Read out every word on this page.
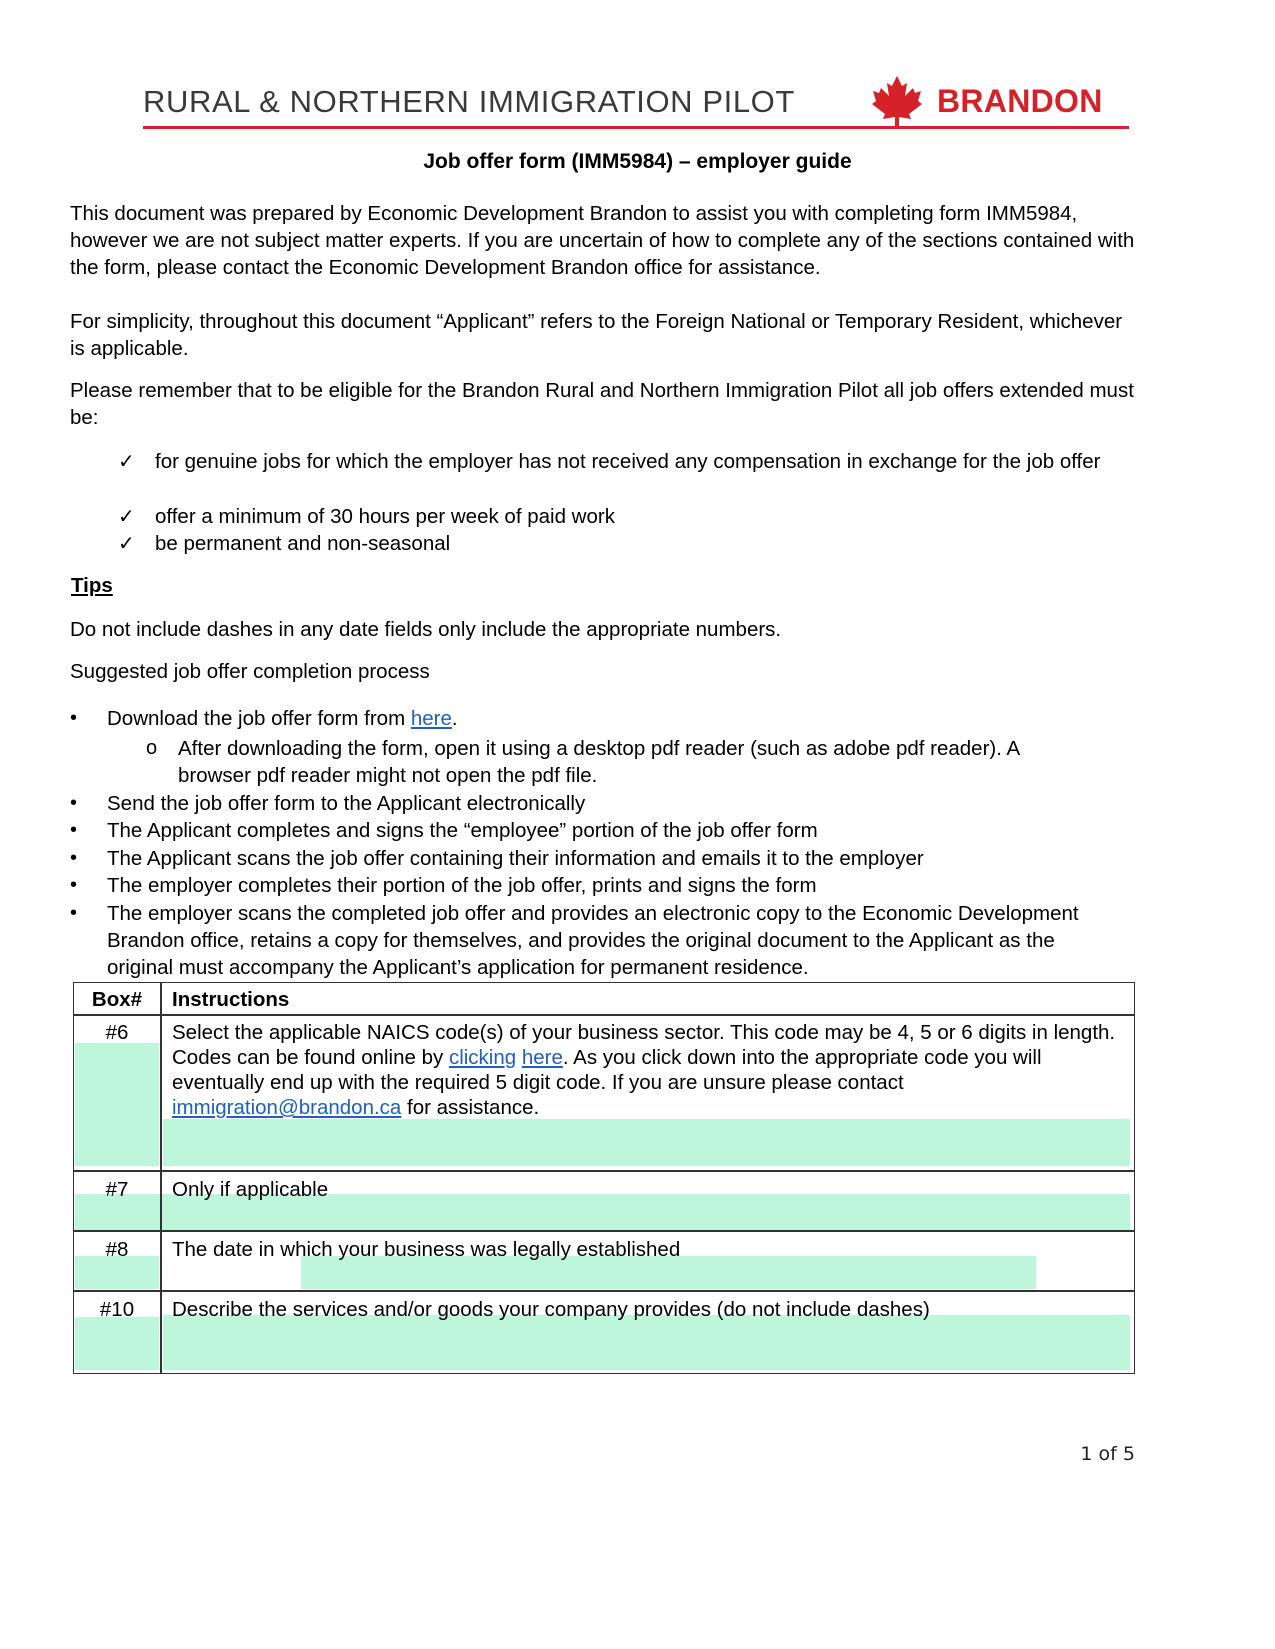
RURAL & NORTHERN IMMIGRATION PILOT	BRANDON
Job offer form (IMM5984) – employer guide

This document was prepared by Economic Development Brandon to assist you with completing form IMM5984, however we are not subject matter experts. If you are uncertain of how to complete any of the sections contained with the form, please contact the Economic Development Brandon office for assistance.

For simplicity, throughout this document “Applicant” refers to the Foreign National or Temporary Resident, whichever is applicable.

Please remember that to be eligible for the Brandon Rural and Northern Immigration Pilot all job offers extended must be:

✓ for genuine jobs for which the employer has not received any compensation in exchange for the job offer
✓ offer a minimum of 30 hours per week of paid work
✓ be permanent and non-seasonal
Tips
Do not include dashes in any date fields only include the appropriate numbers.
Suggested job offer completion process
• Download the job offer form from here.
o After downloading the form, open it using a desktop pdf reader (such as adobe pdf reader). A browser pdf reader might not open the pdf file.
• Send the job offer form to the Applicant electronically
• The Applicant completes and signs the “employee” portion of the job offer form
• The Applicant scans the job offer containing their information and emails it to the employer
• The employer completes their portion of the job offer, prints and signs the form
• The employer scans the completed job offer and provides an electronic copy to the Economic Development Brandon office, retains a copy for themselves, and provides the original document to the Applicant as the original must accompany the Applicant’s application for permanent residence.
Box#	Instructions
#6	Select the applicable NAICS code(s) of your business sector. This code may be 4, 5 or 6 digits in length. Codes can be found online by clicking here. As you click down into the appropriate code you will eventually end up with the required 5 digit code. If you are unsure please contact immigration@brandon.ca for assistance.
#7	Only if applicable
#8	The date in which your business was legally established
#10	Describe the services and/or goods your company provides (do not include dashes)
1 of 5
